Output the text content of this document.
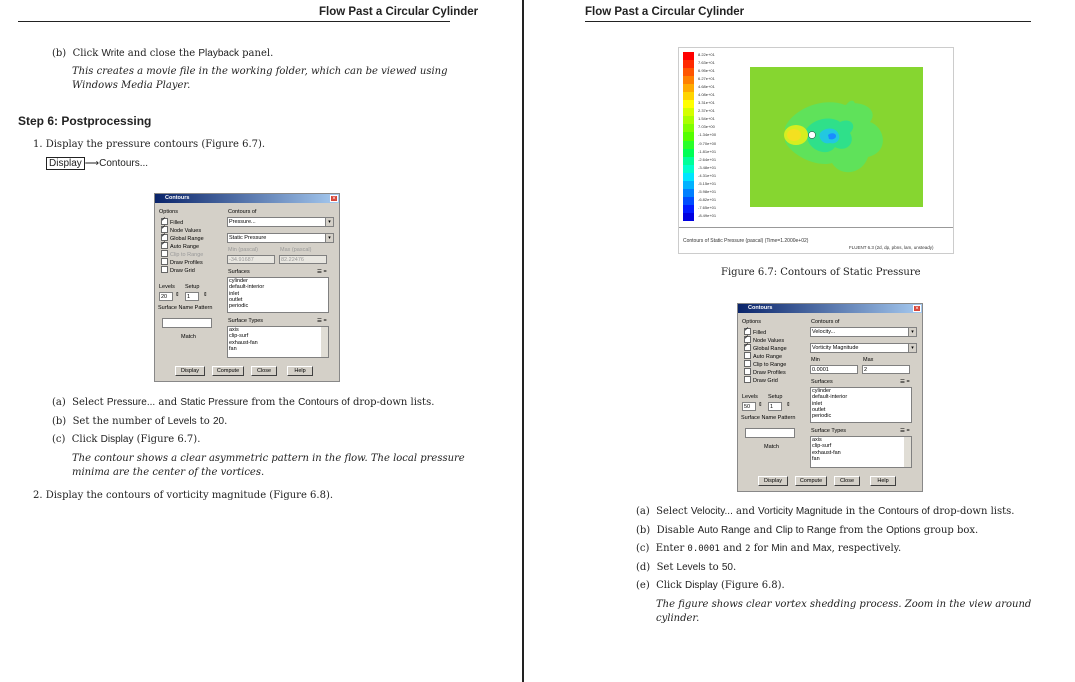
Flow Past a Circular Cylinder
(b) Click Write and close the Playback panel.
This creates a movie file in the working folder, which can be viewed using
Windows Media Player.
Step 6: Postprocessing
1. Display the pressure contours (Figure 6.7).
Display ⟶Contours...
Contours	×
Options
✓Filled
✓Node Values
✓Global Range
✓Auto Range
Clip to Range
Draw Profiles
Draw Grid
Contours of
Pressure...	▾
Static Pressure	▾
Min (pascal)	Max (pascal)
-34.91687	82.22476
Surfaces	☰ =
cylinder
default-interior
inlet
outlet
periodic
Levels Setup
20	⇕	1	⇕
Surface Name Pattern
Match
Surface Types	☰ =
axis
clip-surf
exhaust-fan
fan
Display	Compute	Close	Help
(a) Select Pressure... and Static Pressure from the Contours of drop-down lists.
(b) Set the number of Levels to 20.
(c) Click Display (Figure 6.7).
The contour shows a clear asymmetric pattern in the flow. The local pressure
minima are the center of the vortices.
2. Display the contours of vorticity magnitude (Figure 6.8).
Flow Past a Circular Cylinder
8.22e+01
7.63e+01
6.95e+01
6.27e+01
4.68e+01
4.08e+01
3.31e+01
2.37e+01
1.54e+01
7.03e+00
-1.34e+00
-9.70e+00
-1.81e+01
-2.64e+01
-3.48e+01
-4.31e+01
-5.15e+01
-5.98e+01
-6.82e+01
-7.65e+01
-8.49e+01
Contours of Static Pressure (pascal) (Time=1.2000e+02)
FLUENT 6.3 (2d, dp, pbns, lam, unsteady)
Figure 6.7: Contours of Static Pressure
Contours	×
Options
✓Filled
✓Node Values
✓Global Range
Auto Range
Clip to Range
Draw Profiles
Draw Grid
Contours of
Velocity...	▾
Vorticity Magnitude	▾
Min	Max
0.0001	2
Surfaces	☰ =
cylinder
default-interior
inlet
outlet
periodic
Levels Setup
50	⇕	1	⇕
Surface Name Pattern
Match
Surface Types	☰ =
axis
clip-surf
exhaust-fan
fan
Display	Compute	Close	Help
(a) Select Velocity... and Vorticity Magnitude in the Contours of drop-down lists.
(b) Disable Auto Range and Clip to Range from the Options group box.
(c) Enter 0.0001 and 2 for Min and Max, respectively.
(d) Set Levels to 50.
(e) Click Display (Figure 6.8).
The figure shows clear vortex shedding process. Zoom in the view around
cylinder.
